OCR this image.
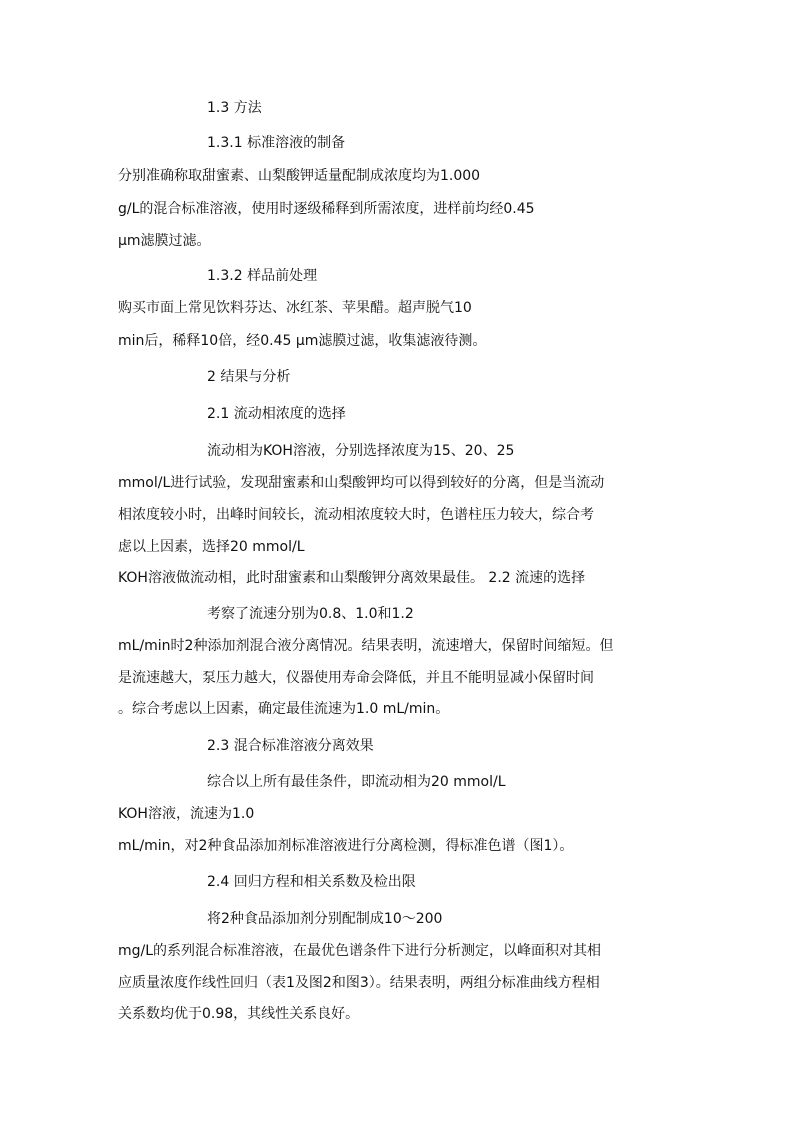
1.3 方法

1.3.1 标准溶液的制备

分别准确称取甜蜜素、山梨酸钾适量配制成浓度均为1.000

g/L的混合标准溶液，使用时逐级稀释到所需浓度，进样前均经0.45

μm滤膜过滤。

1.3.2 样品前处理

购买市面上常见饮料芬达、冰红茶、苹果醋。超声脱气10

min后，稀释10倍，经0.45 μm滤膜过滤，收集滤液待测。

2 结果与分析

2.1 流动相浓度的选择

流动相为KOH溶液，分别选择浓度为15、20、25

mmol/L进行试验，发现甜蜜素和山梨酸钾均可以得到较好的分离，但是当流动

相浓度较小时，出峰时间较长，流动相浓度较大时，色谱柱压力较大，综合考

虑以上因素，选择20 mmol/L

KOH溶液做流动相，此时甜蜜素和山梨酸钾分离效果最佳。 2.2 流速的选择

考察了流速分别为0.8、1.0和1.2

mL/min时2种添加剂混合液分离情况。结果表明，流速增大，保留时间缩短。但

是流速越大，泵压力越大，仪器使用寿命会降低，并且不能明显减小保留时间

。综合考虑以上因素，确定最佳流速为1.0 mL/min。

2.3 混合标准溶液分离效果

综合以上所有最佳条件，即流动相为20 mmol/L

KOH溶液，流速为1.0

mL/min，对2种食品添加剂标准溶液进行分离检测，得标准色谱（图1）。

2.4 回归方程和相关系数及检出限

将2种食品添加剂分别配制成10～200

mg/L的系列混合标准溶液，在最优色谱条件下进行分析测定，以峰面积对其相

应质量浓度作线性回归（表1及图2和图3）。结果表明，两组分标准曲线方程相

关系数均优于0.98，其线性关系良好。
